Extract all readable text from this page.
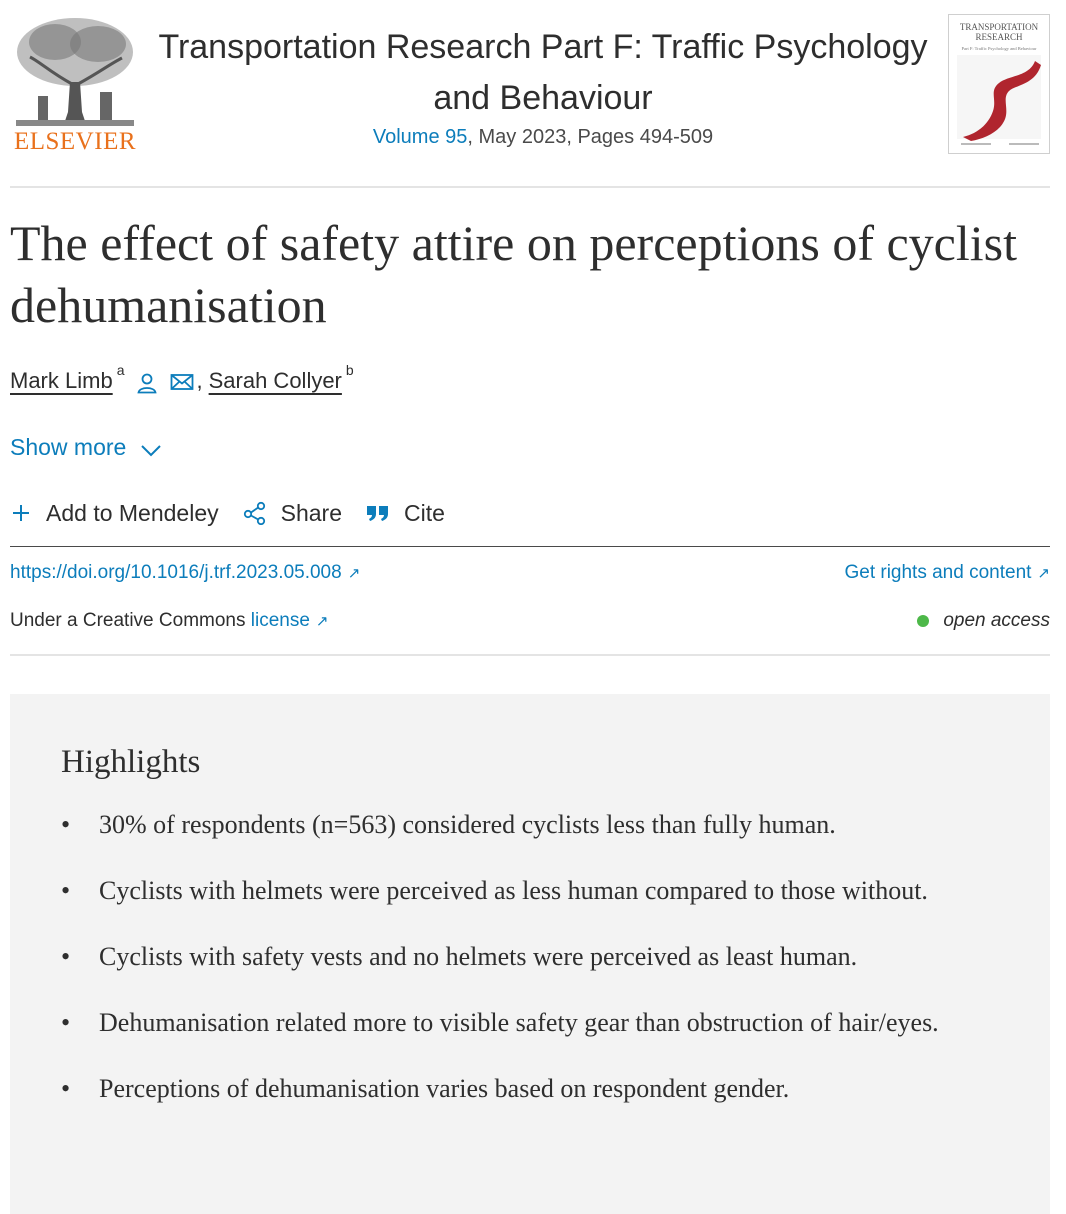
ELSEVIER
Transportation Research Part F: Traffic Psychology
and Behaviour
Volume 95, May 2023, Pages 494-509
TRANSPORTATION
RESEARCH
Part F: Traffic Psychology and Behaviour
The effect of safety attire on perceptions of cyclist dehumanisation
Mark Limb a	, Sarah Collyer b
Show more
Add to Mendeley	Share	Cite
https://doi.org/10.1016/j.trf.2023.05.008 ↗	Get rights and content ↗
Under a Creative Commons license ↗	open access
Highlights
• 30% of respondents (n=563) considered cyclists less than fully human.
• Cyclists with helmets were perceived as less human compared to those without.
• Cyclists with safety vests and no helmets were perceived as least human.
• Dehumanisation related more to visible safety gear than obstruction of hair/eyes.
• Perceptions of dehumanisation varies based on respondent gender.
